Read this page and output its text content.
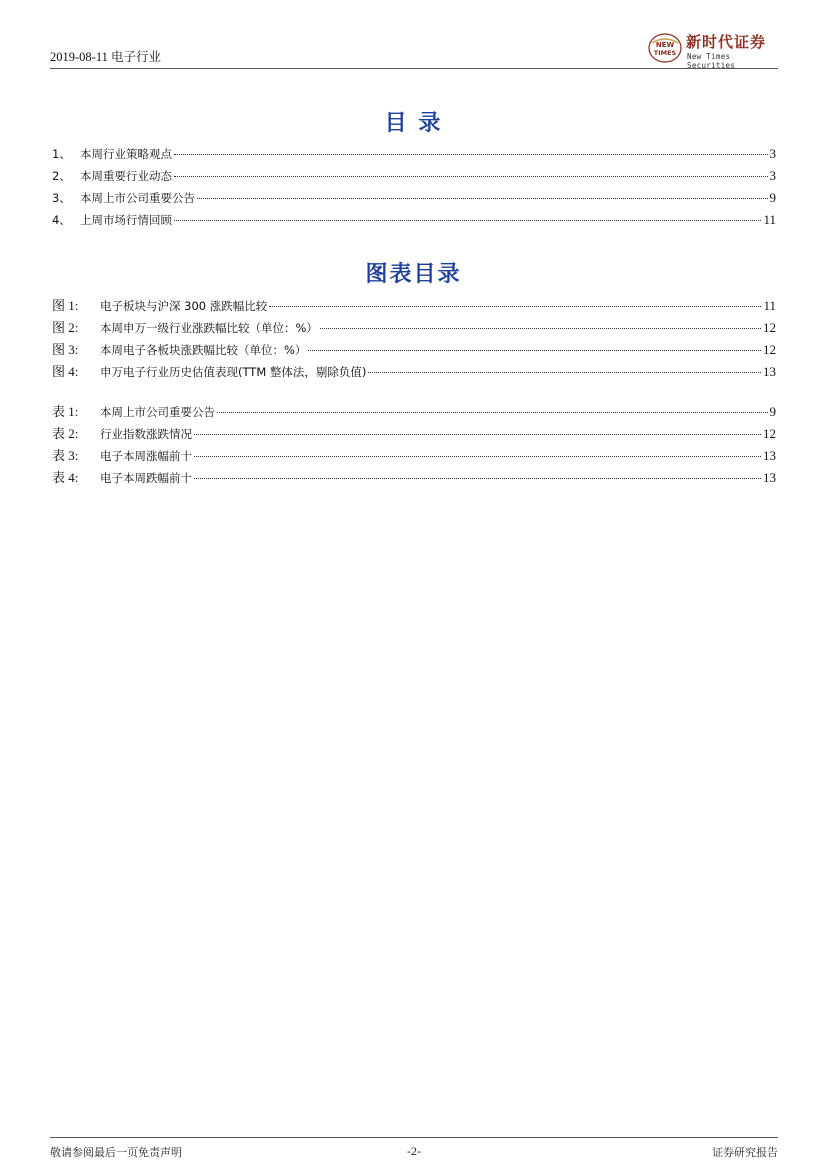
2019-08-11 电子行业
NEW
TIMES
新时代证券
New Times Securities
目 录
1、 本周行业策略观点	3
2、 本周重要行业动态	3
3、 本周上市公司重要公告	9
4、 上周市场行情回顾	11
图表目录
图 1:	电子板块与沪深 300 涨跌幅比较	11
图 2:	本周申万一级行业涨跌幅比较（单位：%）	12
图 3:	本周电子各板块涨跌幅比较（单位：%）	12
图 4:	申万电子行业历史估值表现(TTM 整体法，剔除负值)	13
表 1:	本周上市公司重要公告	9
表 2:	行业指数涨跌情况	12
表 3:	电子本周涨幅前十	13
表 4:	电子本周跌幅前十	13
敬请参阅最后一页免责声明	-2-	证券研究报告
